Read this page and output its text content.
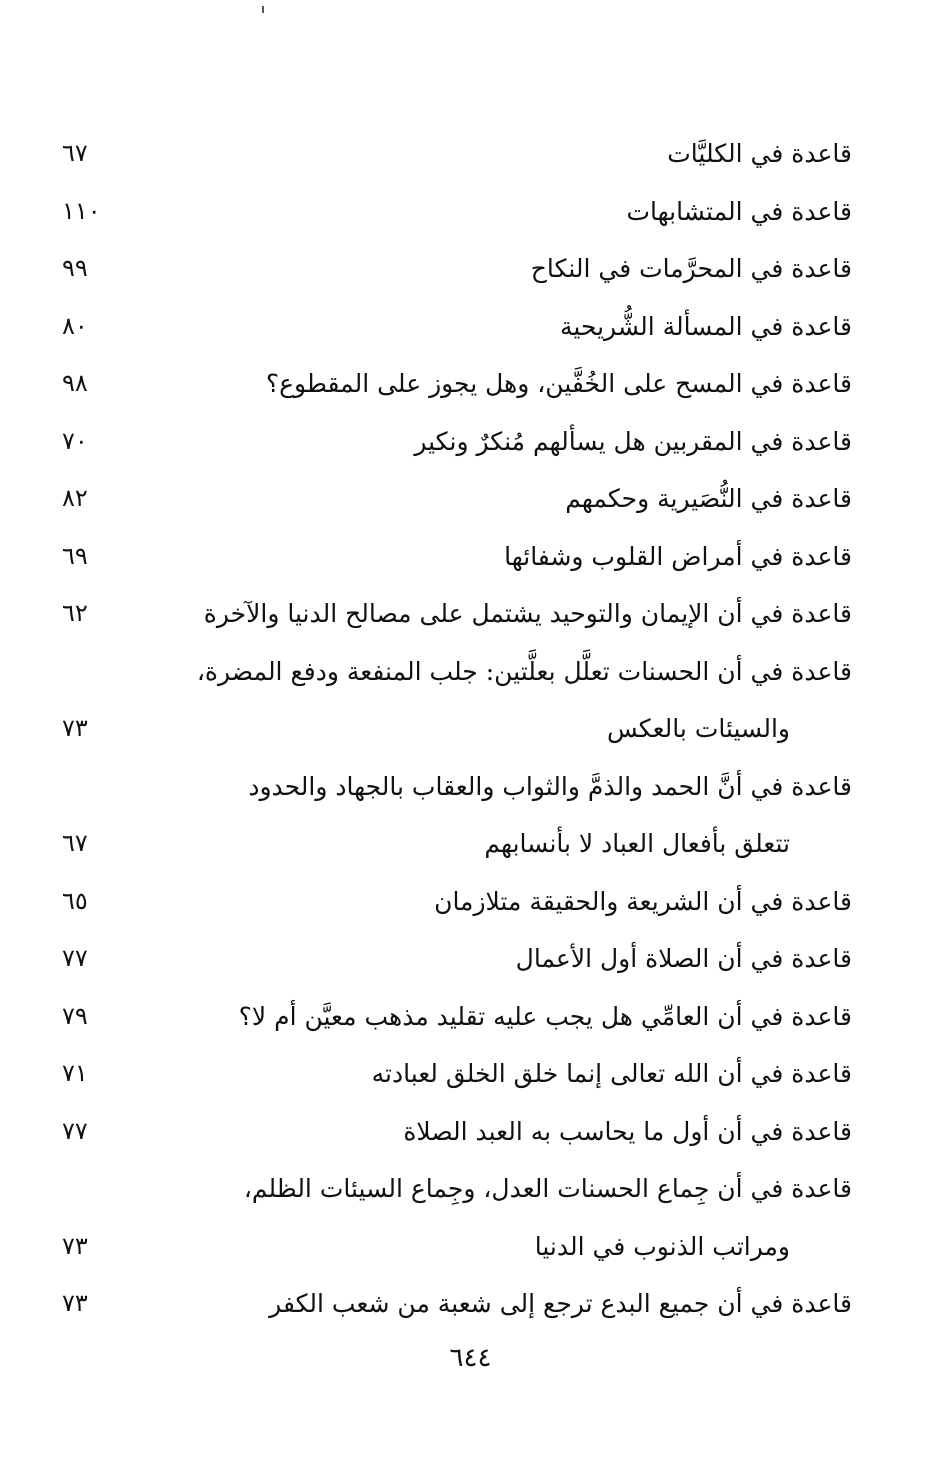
قاعدة في الكليَّات
٦٧
قاعدة في المتشابهات
١١٠
قاعدة في المحرَّمات في النكاح
٩٩
قاعدة في المسألة الشُّريحية
٨٠
قاعدة في المسح على الخُفَّين، وهل يجوز على المقطوع؟
٩٨
قاعدة في المقربين هل يسألهم مُنكرٌ ونكير
٧٠
قاعدة في النُّصَيرية وحكمهم
٨٢
قاعدة في أمراض القلوب وشفائها
٦٩
قاعدة في أن الإيمان والتوحيد يشتمل على مصالح الدنيا والآخرة
٦٢
قاعدة في أن الحسنات تعلَّل بعلَّتين: جلب المنفعة ودفع المضرة،
والسيئات بالعكس
٧٣
قاعدة في أنَّ الحمد والذمَّ والثواب والعقاب بالجهاد والحدود
تتعلق بأفعال العباد لا بأنسابهم
٦٧
قاعدة في أن الشريعة والحقيقة متلازمان
٦٥
قاعدة في أن الصلاة أول الأعمال
٧٧
قاعدة في أن العامِّي هل يجب عليه تقليد مذهب معيَّن أم لا؟
٧٩
قاعدة في أن الله تعالى إنما خلق الخلق لعبادته
٧١
قاعدة في أن أول ما يحاسب به العبد الصلاة
٧٧
قاعدة في أن جِماع الحسنات العدل، وجِماع السيئات الظلم،
ومراتب الذنوب في الدنيا
٧٣
قاعدة في أن جميع البدع ترجع إلى شعبة من شعب الكفر
٧٣
٦٤٤
